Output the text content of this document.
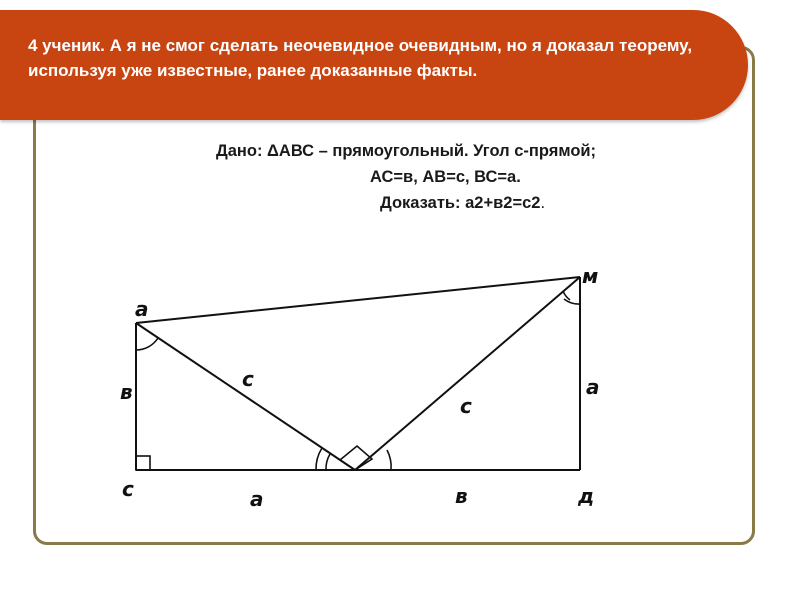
4 ученик. А я не смог сделать неочевидное очевидным, но я доказал теорему, используя уже известные, ранее доказанные факты.

Дано: ΔАВС – прямоугольный. Угол с-прямой;
АС=в, АВ=с, ВС=а.
Доказать: а2+в2=с2.
а
м
с	д
в	а
с
с
а	в
